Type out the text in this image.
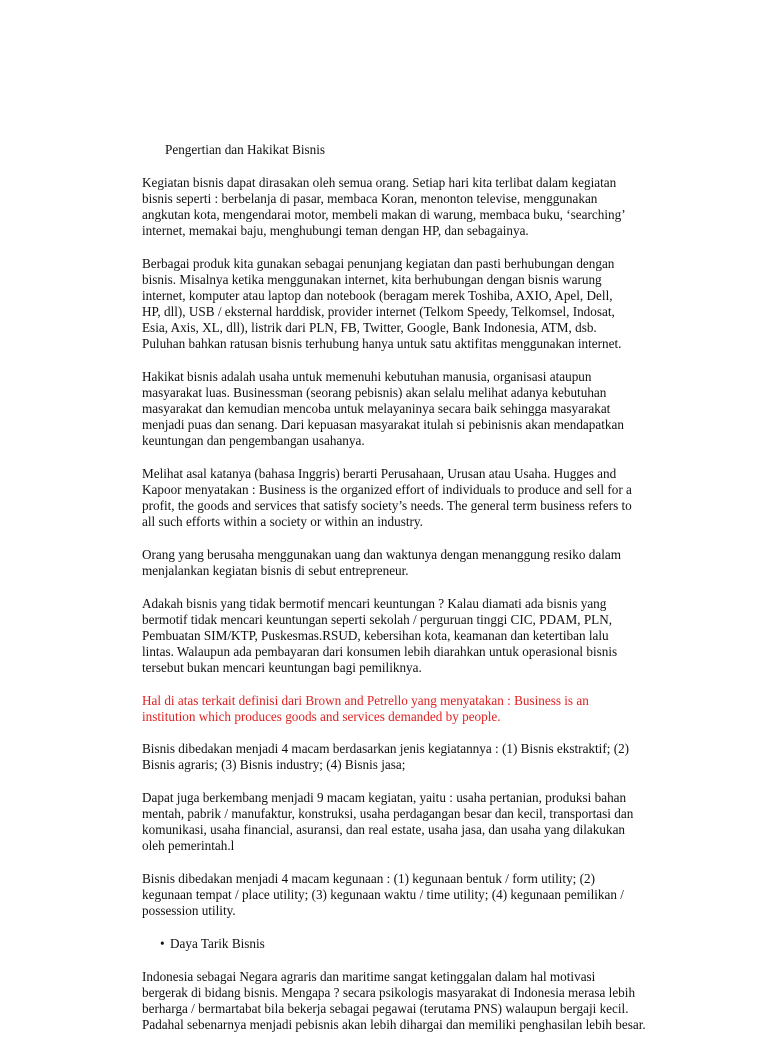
Pengertian dan Hakikat Bisnis
Kegiatan bisnis dapat dirasakan oleh semua orang. Setiap hari kita terlibat dalam kegiatan
bisnis seperti : berbelanja di pasar, membaca Koran, menonton televise, menggunakan
angkutan kota, mengendarai motor, membeli makan di warung, membaca buku, ‘searching’
internet, memakai baju, menghubungi teman dengan HP, dan sebagainya.
Berbagai produk kita gunakan sebagai penunjang kegiatan dan pasti berhubungan dengan
bisnis. Misalnya ketika menggunakan internet, kita berhubungan dengan bisnis warung
internet, komputer atau laptop dan notebook (beragam merek Toshiba, AXIO, Apel, Dell,
HP, dll), USB / eksternal harddisk, provider internet (Telkom Speedy, Telkomsel, Indosat,
Esia, Axis, XL, dll), listrik dari PLN, FB, Twitter, Google, Bank Indonesia, ATM, dsb.
Puluhan bahkan ratusan bisnis terhubung hanya untuk satu aktifitas menggunakan internet.
Hakikat bisnis adalah usaha untuk memenuhi kebutuhan manusia, organisasi ataupun
masyarakat luas. Businessman (seorang pebisnis) akan selalu melihat adanya kebutuhan
masyarakat dan kemudian mencoba untuk melayaninya secara baik sehingga masyarakat
menjadi puas dan senang. Dari kepuasan masyarakat itulah si pebinisnis akan mendapatkan
keuntungan dan pengembangan usahanya.
Melihat asal katanya (bahasa Inggris) berarti Perusahaan, Urusan atau Usaha. Hugges and
Kapoor menyatakan : Business is the organized effort of individuals to produce and sell for a
profit, the goods and services that satisfy society’s needs. The general term business refers to
all such efforts within a society or within an industry.
Orang yang berusaha menggunakan uang dan waktunya dengan menanggung resiko dalam
menjalankan kegiatan bisnis di sebut entrepreneur.
Adakah bisnis yang tidak bermotif mencari keuntungan ? Kalau diamati ada bisnis yang
bermotif tidak mencari keuntungan seperti sekolah / perguruan tinggi CIC, PDAM, PLN,
Pembuatan SIM/KTP, Puskesmas.RSUD, kebersihan kota, keamanan dan ketertiban lalu
lintas. Walaupun ada pembayaran dari konsumen lebih diarahkan untuk operasional bisnis
tersebut bukan mencari keuntungan bagi pemiliknya.
Hal di atas terkait definisi dari Brown and Petrello yang menyatakan : Business is an
institution which produces goods and services demanded by people.
Bisnis dibedakan menjadi 4 macam berdasarkan jenis kegiatannya : (1) Bisnis ekstraktif; (2)
Bisnis agraris; (3) Bisnis industry; (4) Bisnis jasa;
Dapat juga berkembang menjadi 9 macam kegiatan, yaitu : usaha pertanian, produksi bahan
mentah, pabrik / manufaktur, konstruksi, usaha perdagangan besar dan kecil, transportasi dan
komunikasi, usaha financial, asuransi, dan real estate, usaha jasa, dan usaha yang dilakukan
oleh pemerintah.l
Bisnis dibedakan menjadi 4 macam kegunaan : (1) kegunaan bentuk / form utility; (2)
kegunaan tempat / place utility; (3) kegunaan waktu / time utility; (4) kegunaan pemilikan /
possession utility.
• Daya Tarik Bisnis
Indonesia sebagai Negara agraris dan maritime sangat ketinggalan dalam hal motivasi
bergerak di bidang bisnis. Mengapa ? secara psikologis masyarakat di Indonesia merasa lebih
berharga / bermartabat bila bekerja sebagai pegawai (terutama PNS) walaupun bergaji kecil.
Padahal sebenarnya menjadi pebisnis akan lebih dihargai dan memiliki penghasilan lebih besar.
